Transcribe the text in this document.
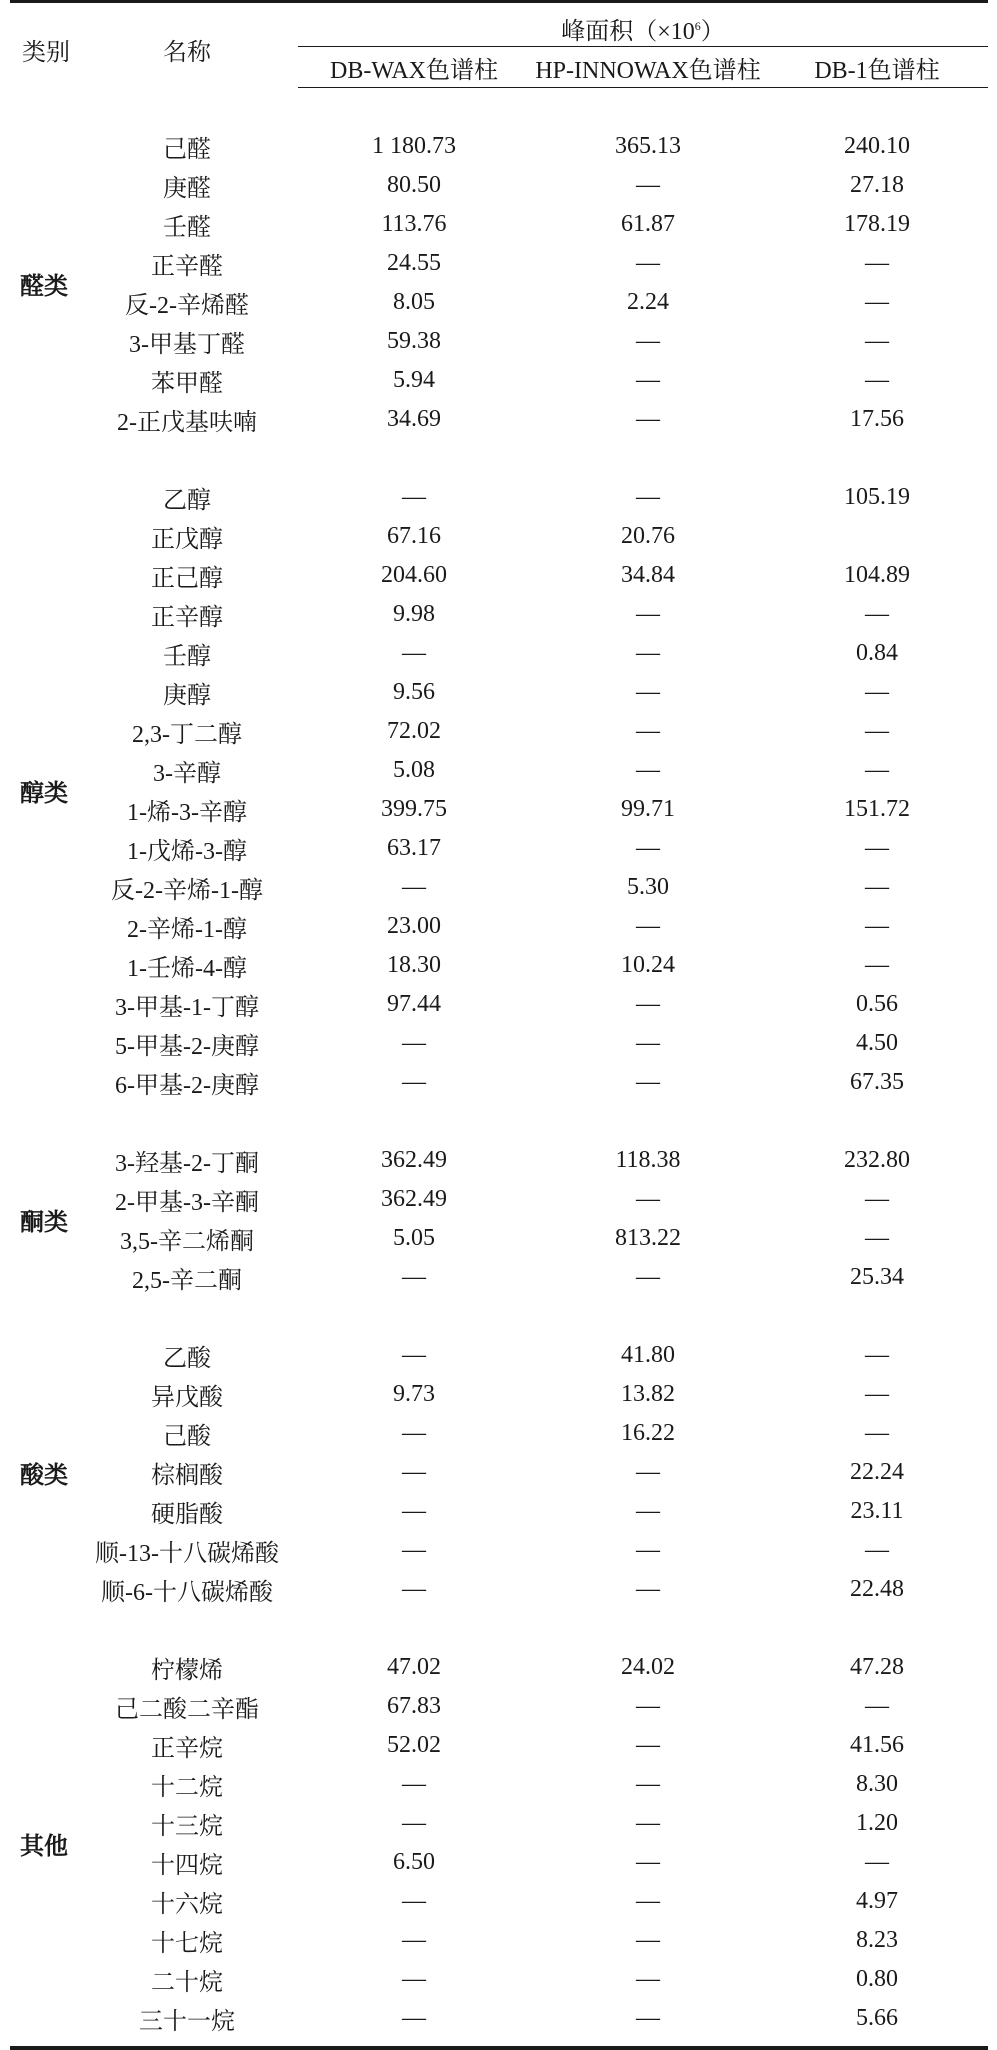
类别	名称	峰面积$(\times 10^6)$		
		DB-WAX色谱柱	HP-INNOWAX色谱柱	DB-1色谱柱

醛类	己醛	1 180.73	365.13	240.10
	庚醛	80.50	—	27.18
	壬醛	113.76	61.87	178.19
	正辛醛	24.55	—	—
	反-2-辛烯醛	8.05	2.24	—
	3-甲基丁醛	59.38	—	—
	苯甲醛	5.94	—	—
	2-正戊基呋喃	34.69	—	17.56

醇类	乙醇	—	—	105.19
	正戊醇	67.16	20.76	
	正己醇	204.60	34.84	104.89
	正辛醇	9.98	—	—
	壬醇	—	—	0.84
	庚醇	9.56	—	—
	2,3-丁二醇	72.02	—	—
	3-辛醇	5.08	—	—
	1-烯-3-辛醇	399.75	99.71	151.72
	1-戊烯-3-醇	63.17	—	—
	反-2-辛烯-1-醇	—	5.30	—
	2-辛烯-1-醇	23.00	—	—
	1-壬烯-4-醇	18.30	10.24	—
	3-甲基-1-丁醇	97.44	—	0.56
	5-甲基-2-庚醇	—	—	4.50
	6-甲基-2-庚醇	—	—	67.35

酮类	3-羟基-2-丁酮	362.49	118.38	232.80
	2-甲基-3-辛酮	362.49	—	—
	3,5-辛二烯酮	5.05	813.22	—
	2,5-辛二酮	—	—	25.34

酸类	乙酸	—	41.80	—
	异戊酸	9.73	13.82	—
	己酸	—	16.22	—
	棕榈酸	—	—	22.24
	硬脂酸	—	—	23.11
	顺-13-十八碳烯酸	—	—	—
	顺-6-十八碳烯酸	—	—	22.48

其他	柠檬烯	47.02	24.02	47.28
	己二酸二辛酯	67.83	—	—
	正辛烷	52.02	—	41.56
	十二烷	—	—	8.30
	十三烷	—	—	1.20
	十四烷	6.50	—	—
	十六烷	—	—	4.97
	十七烷	—	—	8.23
	二十烷	—	—	0.80
	三十一烷	—	—	5.66
